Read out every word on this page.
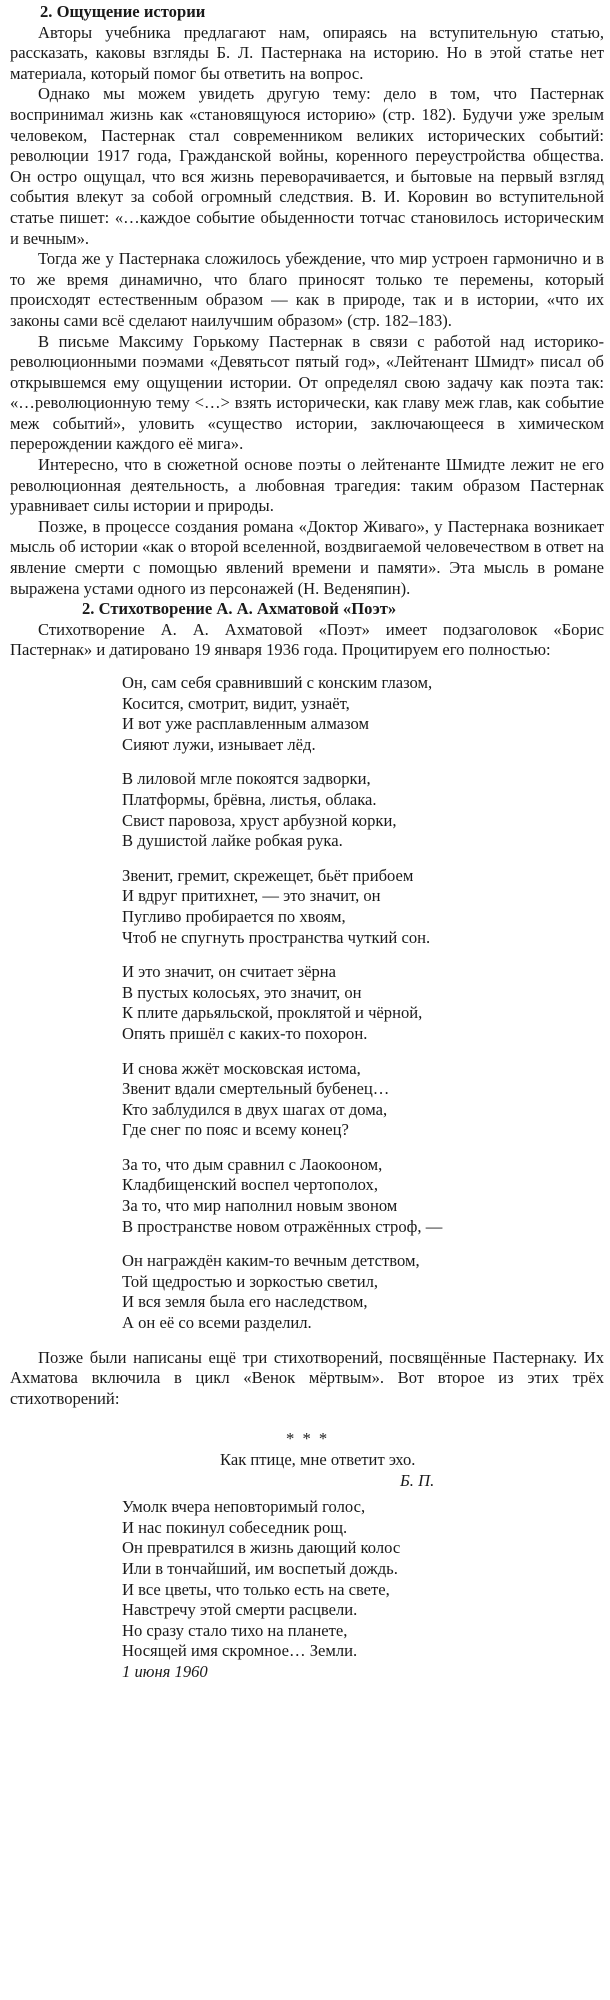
2. Ощущение истории

Авторы учебника предлагают нам, опираясь на вступительную статью, рассказать, каковы взгляды Б. Л. Пастернака на историю. Но в этой статье нет материала, который помог бы ответить на вопрос.

Однако мы можем увидеть другую тему: дело в том, что Пастернак воспринимал жизнь как «становящуюся историю» (стр. 182). Будучи уже зрелым человеком, Пастернак стал современником великих исторических событий: революции 1917 года, Гражданской войны, коренного переустройства общества. Он остро ощущал, что вся жизнь переворачивается, и бытовые на первый взгляд события влекут за собой огромный следствия. В. И. Коровин во вступительной статье пишет: «…каждое событие обыденности тотчас становилось историческим и вечным».

Тогда же у Пастернака сложилось убеждение, что мир устроен гармонично и в то же время динамично, что благо приносят только те перемены, который происходят естественным образом — как в природе, так и в истории, «что их законы сами всё сделают наилучшим образом» (стр. 182–183).

В письме Максиму Горькому Пастернак в связи с работой над историко-революционными поэмами «Девятьсот пятый год», «Лейтенант Шмидт» писал об открывшемся ему ощущении истории. От определял свою задачу как поэта так: «…революционную тему <…> взять исторически, как главу меж глав, как событие меж событий», уловить «существо истории, заключающееся в химическом перерождении каждого её мига».

Интересно, что в сюжетной основе поэты о лейтенанте Шмидте лежит не его революционная деятельность, а любовная трагедия: таким образом Пастернак уравнивает силы истории и природы.

Позже, в процессе создания романа «Доктор Живаго», у Пастернака возникает мысль об истории «как о второй вселенной, воздвигаемой человечеством в ответ на явление смерти с помощью явлений времени и памяти». Эта мысль в романе выражена устами одного из персонажей (Н. Веденяпин).

2. Стихотворение А. А. Ахматовой «Поэт»

Стихотворение А. А. Ахматовой «Поэт» имеет подзаголовок «Борис Пастернак» и датировано 19 января 1936 года. Процитируем его полностью:

Он, сам себя сравнивший с конским глазом,
Косится, смотрит, видит, узнаёт,
И вот уже расплавленным алмазом
Сияют лужи, изнывает лёд.
В лиловой мгле покоятся задворки,
Платформы, брёвна, листья, облака.
Свист паровоза, хруст арбузной корки,
В душистой лайке робкая рука.
Звенит, гремит, скрежещет, бьёт прибоем
И вдруг притихнет, — это значит, он
Пугливо пробирается по хвоям,
Чтоб не спугнуть пространства чуткий сон.
И это значит, он считает зёрна
В пустых колосьях, это значит, он
К плите дарьяльской, проклятой и чёрной,
Опять пришёл с каких-то похорон.
И снова жжёт московская истома,
Звенит вдали смертельный бубенец…
Кто заблудился в двух шагах от дома,
Где снег по пояс и всему конец?
За то, что дым сравнил с Лаокооном,
Кладбищенский воспел чертополох,
За то, что мир наполнил новым звоном
В пространстве новом отражённых строф, —
Он награждён каким-то вечным детством,
Той щедростью и зоркостью светил,
И вся земля была его наследством,
А он её со всеми разделил.

Позже были написаны ещё три стихотворений, посвящённые Пастернаку. Их Ахматова включила в цикл «Венок мёртвым». Вот второе из этих трёх стихотворений:

* * *
Как птице, мне ответит эхо.
Б. П.
Умолк вчера неповторимый голос,
И нас покинул собеседник рощ.
Он превратился в жизнь дающий колос
Или в тончайший, им воспетый дождь.
И все цветы, что только есть на свете,
Навстречу этой смерти расцвели.
Но сразу стало тихо на планете,
Носящей имя скромное… Земли.
1 июня 1960
